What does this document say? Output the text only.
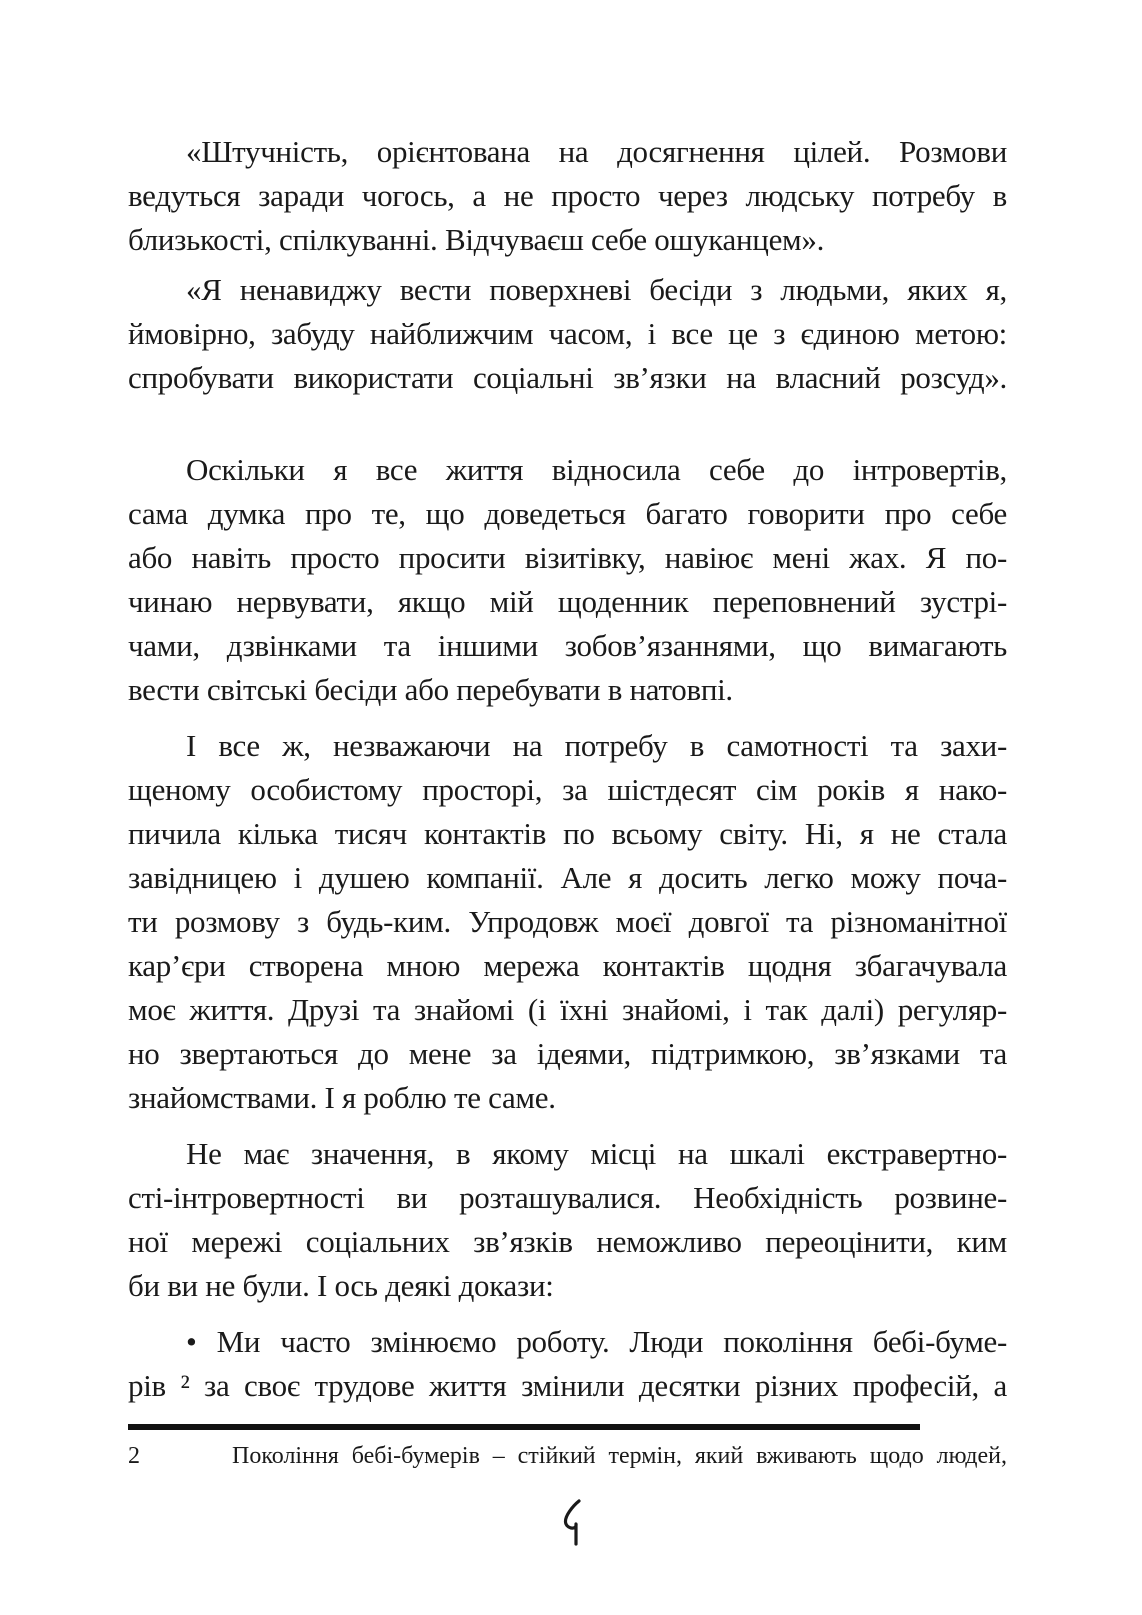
«Штучність, орієнтована на досягнення цілей. Розмови
ведуться заради чогось, а не просто через людську потребу в
близькості, спілкуванні. Відчуваєш себе ошуканцем».
«Я ненавиджу вести поверхневі бесіди з людьми, яких я,
ймовірно, забуду найближчим часом, і все це з єдиною метою:
спробувати використати соціальні зв’язки на власний розсуд».
Оскільки я все життя відносила себе до інтровертів,
сама думка про те, що доведеться багато говорити про себе
або навіть просто просити візитівку, навіює мені жах. Я по-
чинаю нервувати, якщо мій щоденник переповнений зустрі-
чами, дзвінками та іншими зобов’язаннями, що вимагають
вести світські бесіди або перебувати в натовпі.
І все ж, незважаючи на потребу в самотності та захи-
щеному особистому просторі, за шістдесят сім років я нако-
пичила кілька тисяч контактів по всьому світу. Ні, я не стала
завідницею і душею компанії. Але я досить легко можу поча-
ти розмову з будь-ким. Упродовж моєї довгої та різноманітної
кар’єри створена мною мережа контактів щодня збагачувала
моє життя. Друзі та знайомі (і їхні знайомі, і так далі) регуляр-
но звертаються до мене за ідеями, підтримкою, зв’язками та
знайомствами. І я роблю те саме.
Не має значення, в якому місці на шкалі екстравертно-
сті-інтровертності ви розташувалися. Необхідність розвине-
ної мережі соціальних зв’язків неможливо переоцінити, ким
би ви не були. І ось деякі докази:
• Ми часто змінюємо роботу. Люди покоління бебі-буме-
рів ² за своє трудове життя змінили десятки різних професій, а
2	Покоління бебі-бумерів – стійкий термін, який вживають щодо людей,
